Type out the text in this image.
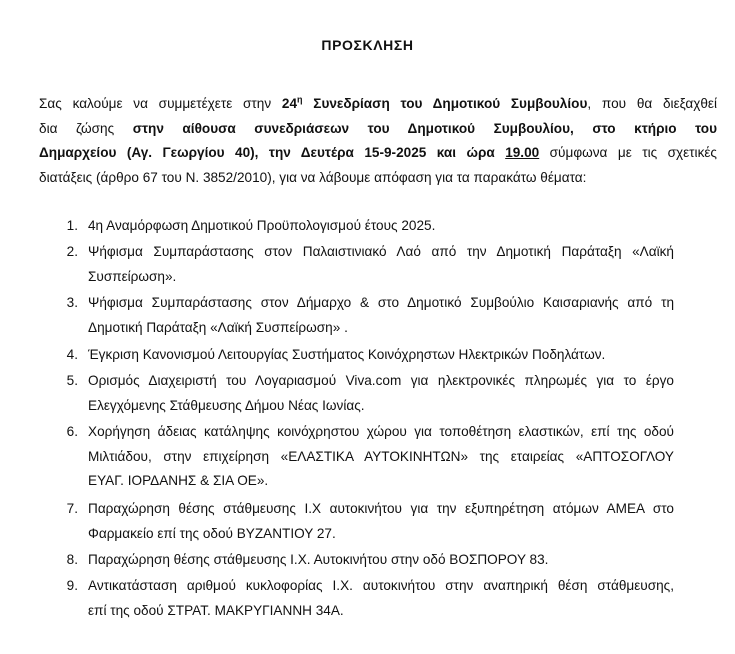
ΠΡΟΣΚΛΗΣΗ
Σας καλούμε να συμμετέχετε στην $24^\eta$ Συνεδρίαση του Δημοτικού Συμβουλίου, που θα διεξαχθεί
δια ζώσης στην αίθουσα συνεδριάσεων του Δημοτικού Συμβουλίου, στο κτήριο του
Δημαρχείου (Αγ. Γεωργίου 40), την Δευτέρα 15-9-2025 και ώρα 19.00 σύμφωνα με τις σχετικές
διατάξεις (άρθρο 67 του Ν. 3852/2010), για να λάβουμε απόφαση για τα παρακάτω θέματα:
1. 4η Αναμόρφωση Δημοτικού Προϋπολογισμού έτους 2025.
2. Ψήφισμα Συμπαράστασης στον Παλαιστινιακό Λαό από την Δημοτική Παράταξη «Λαϊκή
Συσπείρωση».
3. Ψήφισμα Συμπαράστασης στον Δήμαρχο & στο Δημοτικό Συμβούλιο Καισαριανής από τη
Δημοτική Παράταξη «Λαϊκή Συσπείρωση» .
4. Έγκριση Κανονισμού Λειτουργίας Συστήματος Κοινόχρηστων Ηλεκτρικών Ποδηλάτων.
5. Ορισμός Διαχειριστή του Λογαριασμού Viva.com για ηλεκτρονικές πληρωμές για το έργο
Ελεγχόμενης Στάθμευσης Δήμου Νέας Ιωνίας.
6. Χορήγηση άδειας κατάληψης κοινόχρηστου χώρου για τοποθέτηση ελαστικών, επί της οδού
Μιλτιάδου, στην επιχείρηση «ΕΛΑΣΤΙΚΑ ΑΥΤΟΚΙΝΗΤΩΝ» της εταιρείας «ΑΠΤΟΣΟΓΛΟΥ
ΕΥΑΓ. ΙΟΡΔΑΝΗΣ & ΣΙΑ ΟΕ».
7. Παραχώρηση θέσης στάθμευσης Ι.Χ αυτοκινήτου για την εξυπηρέτηση ατόμων ΑΜΕΑ στο
Φαρμακείο επί της οδού ΒΥΖΑΝΤΙΟΥ 27.
8. Παραχώρηση θέσης στάθμευσης Ι.Χ. Αυτοκινήτου στην οδό ΒΟΣΠΟΡΟΥ 83.
9. Αντικατάσταση αριθμού κυκλοφορίας Ι.Χ. αυτοκινήτου στην αναπηρική θέση στάθμευσης,
επί της οδού ΣΤΡΑΤ. ΜΑΚΡΥΓΙΑΝΝΗ 34Α.
